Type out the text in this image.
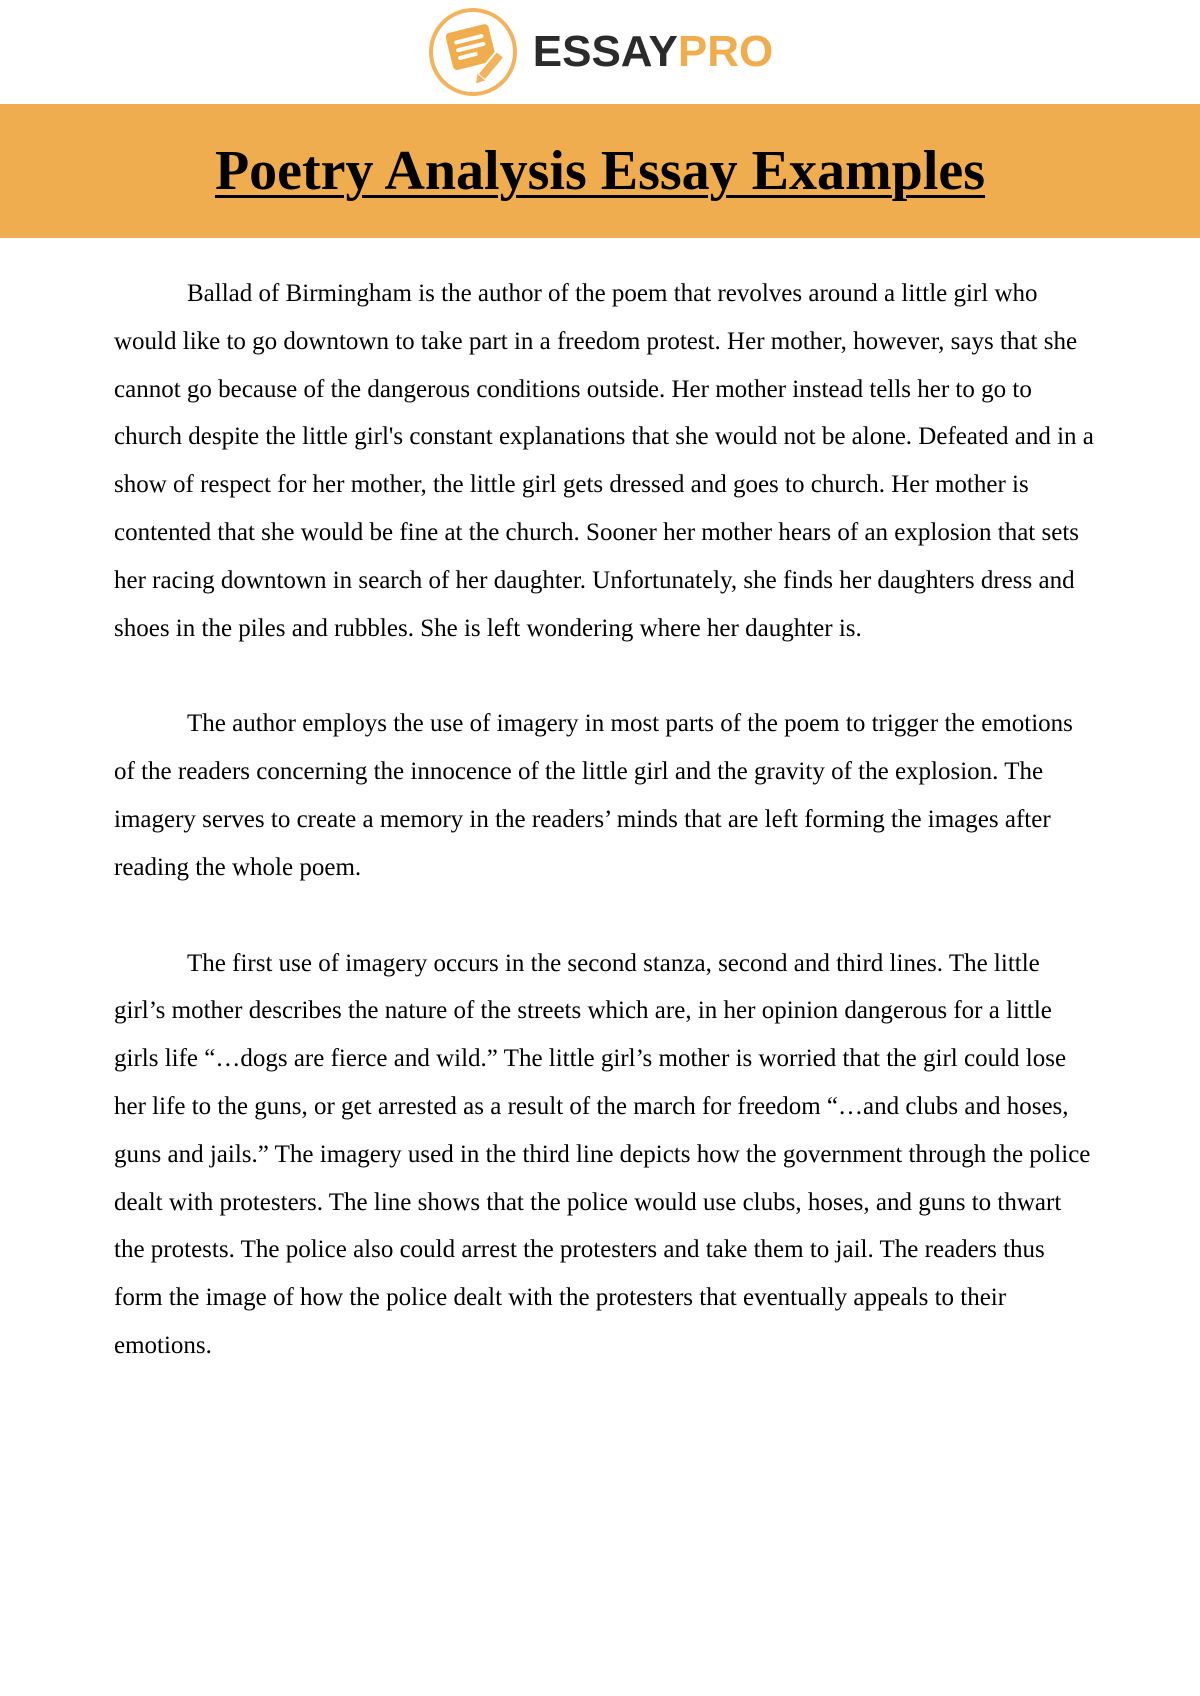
ESSAYPRO
Poetry Analysis Essay Examples

Ballad of Birmingham is the author of the poem that revolves around a little girl who would like to go downtown to take part in a freedom protest. Her mother, however, says that she cannot go because of the dangerous conditions outside. Her mother instead tells her to go to church despite the little girl's constant explanations that she would not be alone. Defeated and in a show of respect for her mother, the little girl gets dressed and goes to church. Her mother is contented that she would be fine at the church. Sooner her mother hears of an explosion that sets her racing downtown in search of her daughter. Unfortunately, she finds her daughters dress and shoes in the piles and rubbles. She is left wondering where her daughter is.

The author employs the use of imagery in most parts of the poem to trigger the emotions of the readers concerning the innocence of the little girl and the gravity of the explosion. The imagery serves to create a memory in the readers’ minds that are left forming the images after reading the whole poem.

The first use of imagery occurs in the second stanza, second and third lines. The little girl’s mother describes the nature of the streets which are, in her opinion dangerous for a little girls life “…dogs are fierce and wild.” The little girl’s mother is worried that the girl could lose her life to the guns, or get arrested as a result of the march for freedom “…and clubs and hoses, guns and jails.” The imagery used in the third line depicts how the government through the police dealt with protesters. The line shows that the police would use clubs, hoses, and guns to thwart the protests. The police also could arrest the protesters and take them to jail. The readers thus form the image of how the police dealt with the protesters that eventually appeals to their emotions.
